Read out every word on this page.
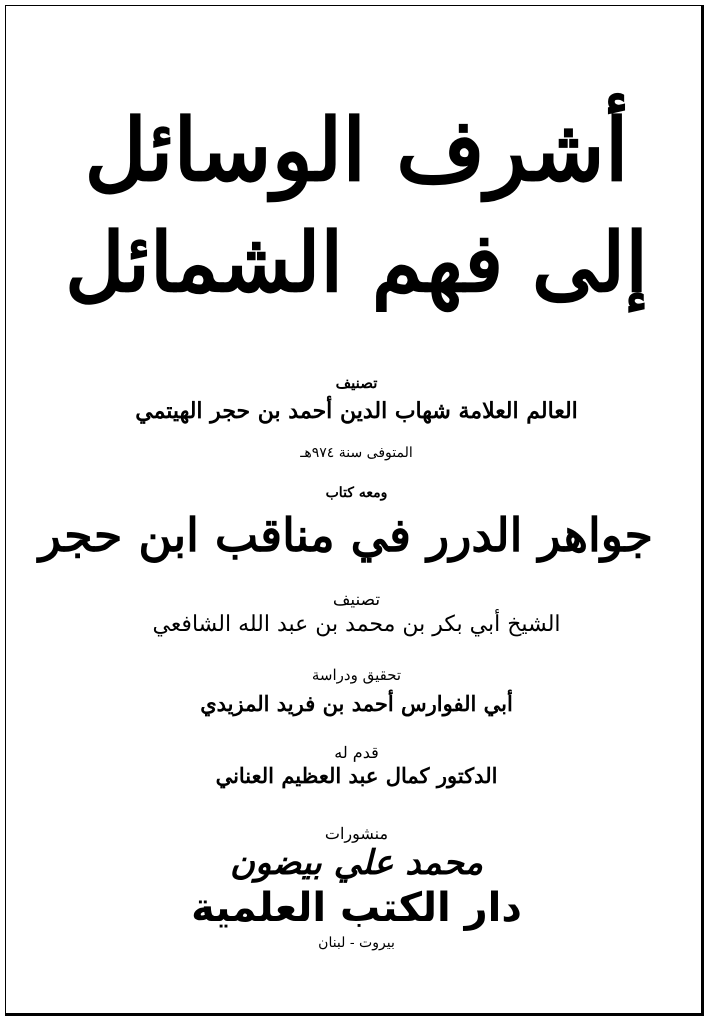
أشرف الوسائل
إلى فهم الشمائل
تصنيف
العالم العلامة شهاب الدين أحمد بن حجر الهيتمي
المتوفى سنة ٩٧٤هـ
ومعه كتاب
جواهر الدرر في مناقب ابن حجر
تصنيف
الشيخ أبي بكر بن محمد بن عبد الله الشافعي
تحقيق ودراسة
أبي الفوارس أحمد بن فريد المزيدي
قدم له
الدكتور كمال عبد العظيم العناني
منشورات
محمد علي بيضون
دار الكتب العلمية
بيروت - لبنان
